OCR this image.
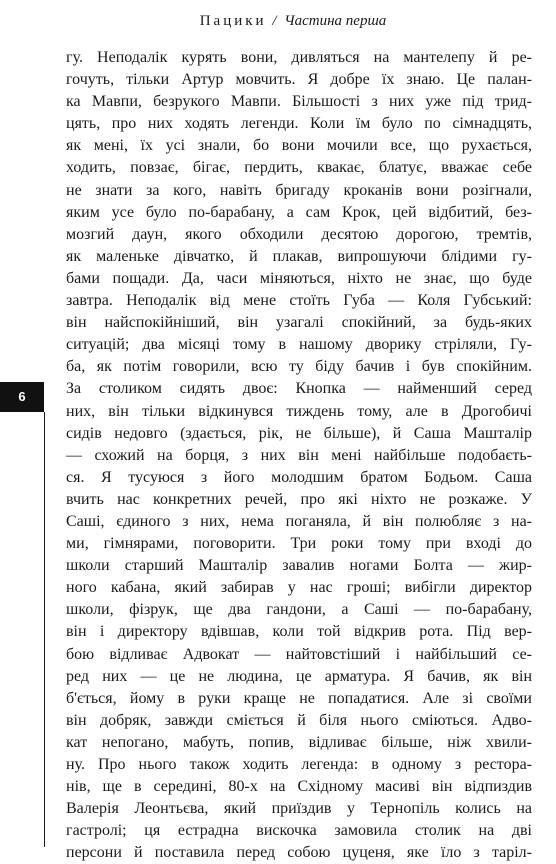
Пацики / Частина перша
6
гу. Неподалік курять вони, дивляться на мантелепу й ре-
гочуть, тільки Артур мовчить. Я добре їх знаю. Це палан-
ка Мавпи, безрукого Мавпи. Більшості з них уже під трид-
цять, про них ходять легенди. Коли їм було по сімнадцять,
як мені, їх усі знали, бо вони мочили все, що рухається,
ходить, повзає, бігає, пердить, квакає, блатує, вважає себе
не знати за кого, навіть бригаду кроканів вони розігнали,
яким усе було по-барабану, а сам Крок, цей відбитий, без-
мозгий даун, якого обходили десятою дорогою, тремтів,
як маленьке дівчатко, й плакав, випрошуючи блідими гу-
бами пощади. Да, часи міняються, ніхто не знає, що буде
завтра. Неподалік від мене стоїть Губа — Коля Губський:
він найспокійніший, він узагалі спокійний, за будь-яких
ситуацій; два місяці тому в нашому дворику стріляли, Гу-
ба, як потім говорили, всю ту біду бачив і був спокійним.
За столиком сидять двоє: Кнопка — найменший серед
них, він тільки відкинувся тиждень тому, але в Дрогобичі
сидів недовго (здається, рік, не більше), й Саша Машталір
— схожий на борця, з них він мені найбільше подобаєть-
ся. Я тусуюся з його молодшим братом Бодьом. Саша
вчить нас конкретних речей, про які ніхто не розкаже. У
Саші, єдиного з них, нема поганяла, й він полюбляє з на-
ми, гімнярами, поговорити. Три роки тому при вході до
школи старший Машталір завалив ногами Болта — жир-
ного кабана, який забирав у нас гроші; вибігли директор
школи, фізрук, ще два гандони, а Саші — по-барабану,
він і директору вдівшав, коли той відкрив рота. Під вер-
бою відливає Адвокат — найтовстіший і найбільший се-
ред них — це не людина, це арматура. Я бачив, як він
б'ється, йому в руки краще не попадатися. Але зі своїми
він добряк, завжди сміється й біля нього сміються. Адво-
кат непогано, мабуть, попив, відливає більше, ніж хвили-
ну. Про нього також ходить легенда: в одному з ресторa-
нів, ще в середині, 80-х на Східному масиві він відпиздив
Валерія Леонтьєва, який приїздив у Тернопіль колись на
гастролі; ця естрадна вискочка замовила столик на дві
персони й поставила перед собою цуценя, яке їло з таріл-
